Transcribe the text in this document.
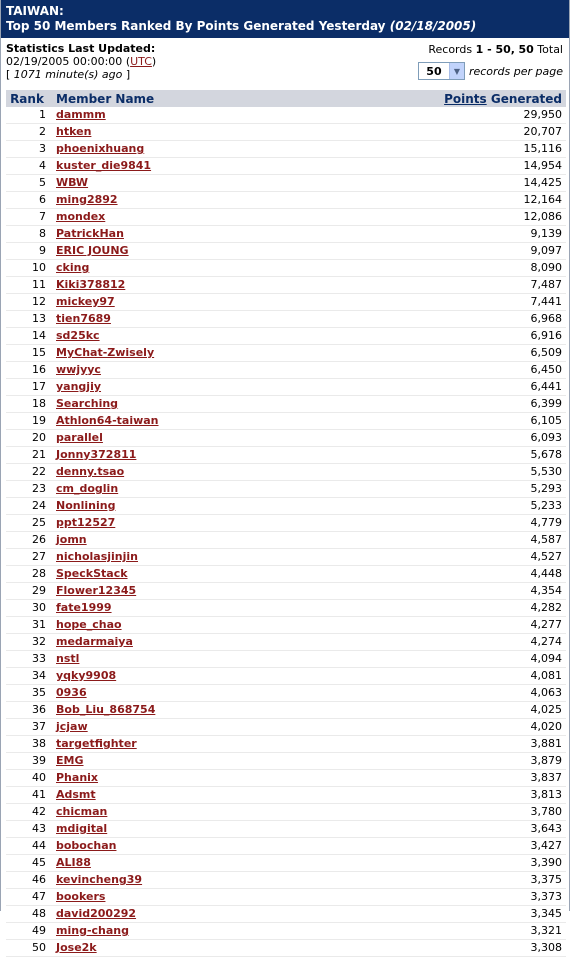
TAIWAN:
Top 50 Members Ranked By Points Generated Yesterday (02/18/2005)
Statistics Last Updated:
02/19/2005 00:00:00 (UTC)
[ 1071 minute(s) ago ]
Records 1 - 50, 50 Total
50	▼ records per page
Rank	Member Name	Points Generated
1	dammm	29,950
2	htken	20,707
3	phoenixhuang	15,116
4	kuster_die9841	14,954
5	WBW	14,425
6	ming2892	12,164
7	mondex	12,086
8	PatrickHan	9,139
9	ERIC JOUNG	9,097
10	cking	8,090
11	Kiki378812	7,487
12	mickey97	7,441
13	tien7689	6,968
14	sd25kc	6,916
15	MyChat-Zwisely	6,509
16	wwjyyc	6,450
17	yangjiy	6,441
18	Searching	6,399
19	Athlon64-taiwan	6,105
20	parallel	6,093
21	Jonny372811	5,678
22	denny.tsao	5,530
23	cm_doglin	5,293
24	Nonlining	5,233
25	ppt12527	4,779
26	jomn	4,587
27	nicholasjinjin	4,527
28	SpeckStack	4,448
29	Flower12345	4,354
30	fate1999	4,282
31	hope_chao	4,277
32	medarmaiya	4,274
33	nstl	4,094
34	yqky9908	4,081
35	0936	4,063
36	Bob_Liu_868754	4,025
37	jcjaw	4,020
38	targetfighter	3,881
39	EMG	3,879
40	Phanix	3,837
41	Adsmt	3,813
42	chicman	3,780
43	mdigital	3,643
44	bobochan	3,427
45	ALI88	3,390
46	kevincheng39	3,375
47	bookers	3,373
48	david200292	3,345
49	ming-chang	3,321
50	Jose2k	3,308
